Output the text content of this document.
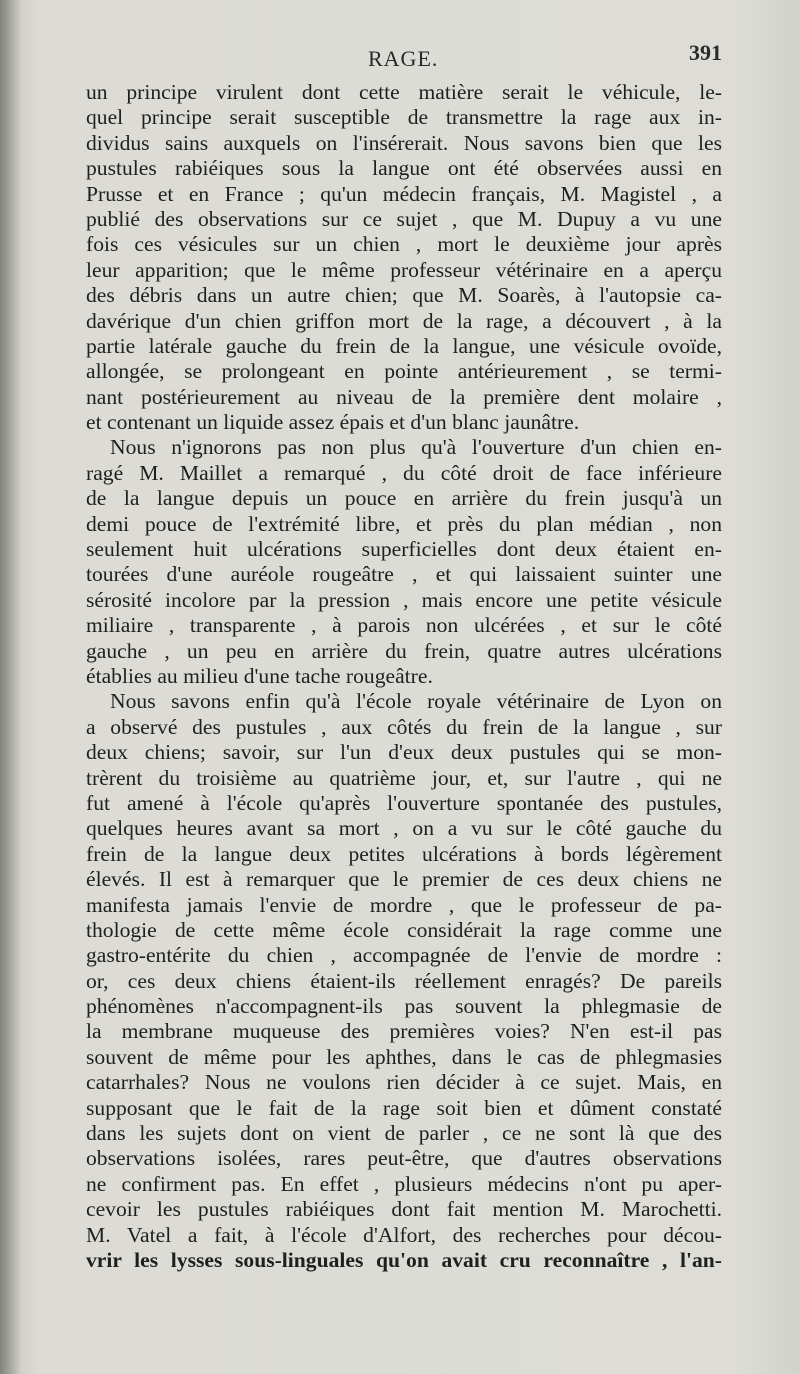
RAGE.	391
un principe virulent dont cette matière serait le véhicule, le-
quel principe serait susceptible de transmettre la rage aux in-
dividus sains auxquels on l'insérerait. Nous savons bien que les
pustules rabiéiques sous la langue ont été observées aussi en
Prusse et en France ; qu'un médecin français, M. Magistel , a
publié des observations sur ce sujet , que M. Dupuy a vu une
fois ces vésicules sur un chien , mort le deuxième jour après
leur apparition; que le même professeur vétérinaire en a aperçu
des débris dans un autre chien; que M. Soarès, à l'autopsie ca-
davérique d'un chien griffon mort de la rage, a découvert , à la
partie latérale gauche du frein de la langue, une vésicule ovoïde,
allongée, se prolongeant en pointe antérieurement , se termi-
nant postérieurement au niveau de la première dent molaire ,
et contenant un liquide assez épais et d'un blanc jaunâtre.
Nous n'ignorons pas non plus qu'à l'ouverture d'un chien en-
ragé M. Maillet a remarqué , du côté droit de face inférieure
de la langue depuis un pouce en arrière du frein jusqu'à un
demi pouce de l'extrémité libre, et près du plan médian , non
seulement huit ulcérations superficielles dont deux étaient en-
tourées d'une auréole rougeâtre , et qui laissaient suinter une
sérosité incolore par la pression , mais encore une petite vésicule
miliaire , transparente , à parois non ulcérées , et sur le côté
gauche , un peu en arrière du frein, quatre autres ulcérations
établies au milieu d'une tache rougeâtre.
Nous savons enfin qu'à l'école royale vétérinaire de Lyon on
a observé des pustules , aux côtés du frein de la langue , sur
deux chiens; savoir, sur l'un d'eux deux pustules qui se mon-
trèrent du troisième au quatrième jour, et, sur l'autre , qui ne
fut amené à l'école qu'après l'ouverture spontanée des pustules,
quelques heures avant sa mort , on a vu sur le côté gauche du
frein de la langue deux petites ulcérations à bords légèrement
élevés. Il est à remarquer que le premier de ces deux chiens ne
manifesta jamais l'envie de mordre , que le professeur de pa-
thologie de cette même école considérait la rage comme une
gastro-entérite du chien , accompagnée de l'envie de mordre :
or, ces deux chiens étaient-ils réellement enragés? De pareils
phénomènes n'accompagnent-ils pas souvent la phlegmasie de
la membrane muqueuse des premières voies? N'en est-il pas
souvent de même pour les aphthes, dans le cas de phlegmasies
catarrhales? Nous ne voulons rien décider à ce sujet. Mais, en
supposant que le fait de la rage soit bien et dûment constaté
dans les sujets dont on vient de parler , ce ne sont là que des
observations isolées, rares peut-être, que d'autres observations
ne confirment pas. En effet , plusieurs médecins n'ont pu aper-
cevoir les pustules rabiéiques dont fait mention M. Marochetti.
M. Vatel a fait, à l'école d'Alfort, des recherches pour décou-
vrir les lysses sous-linguales qu'on avait cru reconnaître , l'an-
